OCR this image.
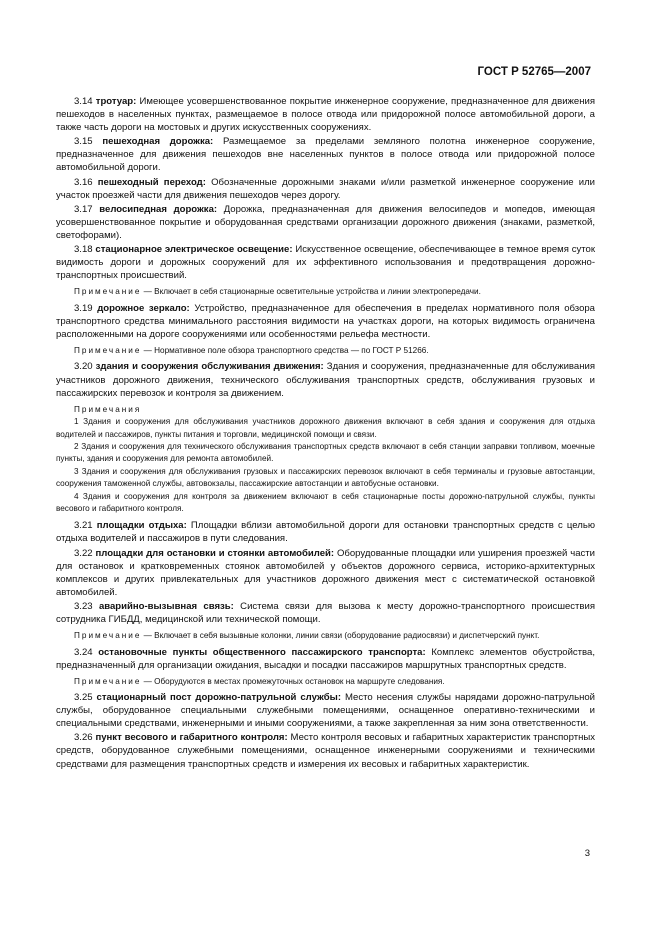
ГОСТ Р 52765—2007

3.14 тротуар: Имеющее усовершенствованное покрытие инженерное сооружение, предназначенное для движения пешеходов в населенных пунктах, размещаемое в полосе отвода или придорожной полосе автомобильной дороги, а также часть дороги на мостовых и других искусственных сооружениях.

3.15 пешеходная дорожка: Размещаемое за пределами земляного полотна инженерное сооружение, предназначенное для движения пешеходов вне населенных пунктов в полосе отвода или придорожной полосе автомобильной дороги.

3.16 пешеходный переход: Обозначенные дорожными знаками и/или разметкой инженерное сооружение или участок проезжей части для движения пешеходов через дорогу.

3.17 велосипедная дорожка: Дорожка, предназначенная для движения велосипедов и мопедов, имеющая усовершенствованное покрытие и оборудованная средствами организации дорожного движения (знаками, разметкой, светофорами).

3.18 стационарное электрическое освещение: Искусственное освещение, обеспечивающее в темное время суток видимость дороги и дорожных сооружений для их эффективного использования и предотвращения дорожно-транспортных происшествий.

Примечание — Включает в себя стационарные осветительные устройства и линии электропередачи.

3.19 дорожное зеркало: Устройство, предназначенное для обеспечения в пределах нормативного поля обзора транспортного средства минимального расстояния видимости на участках дороги, на которых видимость ограничена расположенными на дороге сооружениями или особенностями рельефа местности.

Примечание — Нормативное поле обзора транспортного средства — по ГОСТ Р 51266.

3.20 здания и сооружения обслуживания движения: Здания и сооружения, предназначенные для обслуживания участников дорожного движения, технического обслуживания транспортных средств, обслуживания грузовых и пассажирских перевозок и контроля за движением.

Примечания

1 Здания и сооружения для обслуживания участников дорожного движения включают в себя здания и сооружения для отдыха водителей и пассажиров, пункты питания и торговли, медицинской помощи и связи.

2 Здания и сооружения для технического обслуживания транспортных средств включают в себя станции заправки топливом, моечные пункты, здания и сооружения для ремонта автомобилей.

3 Здания и сооружения для обслуживания грузовых и пассажирских перевозок включают в себя терминалы и грузовые автостанции, сооружения таможенной службы, автовокзалы, пассажирские автостанции и автобусные остановки.

4 Здания и сооружения для контроля за движением включают в себя стационарные посты дорожно-патрульной службы, пункты весового и габаритного контроля.

3.21 площадки отдыха: Площадки вблизи автомобильной дороги для остановки транспортных средств с целью отдыха водителей и пассажиров в пути следования.

3.22 площадки для остановки и стоянки автомобилей: Оборудованные площадки или уширения проезжей части для остановок и кратковременных стоянок автомобилей у объектов дорожного сервиса, историко-архитектурных комплексов и других привлекательных для участников дорожного движения мест с систематической остановкой автомобилей.

3.23 аварийно-вызывная связь: Система связи для вызова к месту дорожно-транспортного происшествия сотрудника ГИБДД, медицинской или технической помощи.

Примечание — Включает в себя вызывные колонки, линии связи (оборудование радиосвязи) и диспетчерский пункт.

3.24 остановочные пункты общественного пассажирского транспорта: Комплекс элементов обустройства, предназначенный для организации ожидания, высадки и посадки пассажиров маршрутных транспортных средств.

Примечание — Оборудуются в местах промежуточных остановок на маршруте следования.

3.25 стационарный пост дорожно-патрульной службы: Место несения службы нарядами дорожно-патрульной службы, оборудованное специальными служебными помещениями, оснащенное оперативно-техническими и специальными средствами, инженерными и иными сооружениями, а также закрепленная за ним зона ответственности.

3.26 пункт весового и габаритного контроля: Место контроля весовых и габаритных характеристик транспортных средств, оборудованное служебными помещениями, оснащенное инженерными сооружениями и техническими средствами для размещения транспортных средств и измерения их весовых и габаритных характеристик.

3
